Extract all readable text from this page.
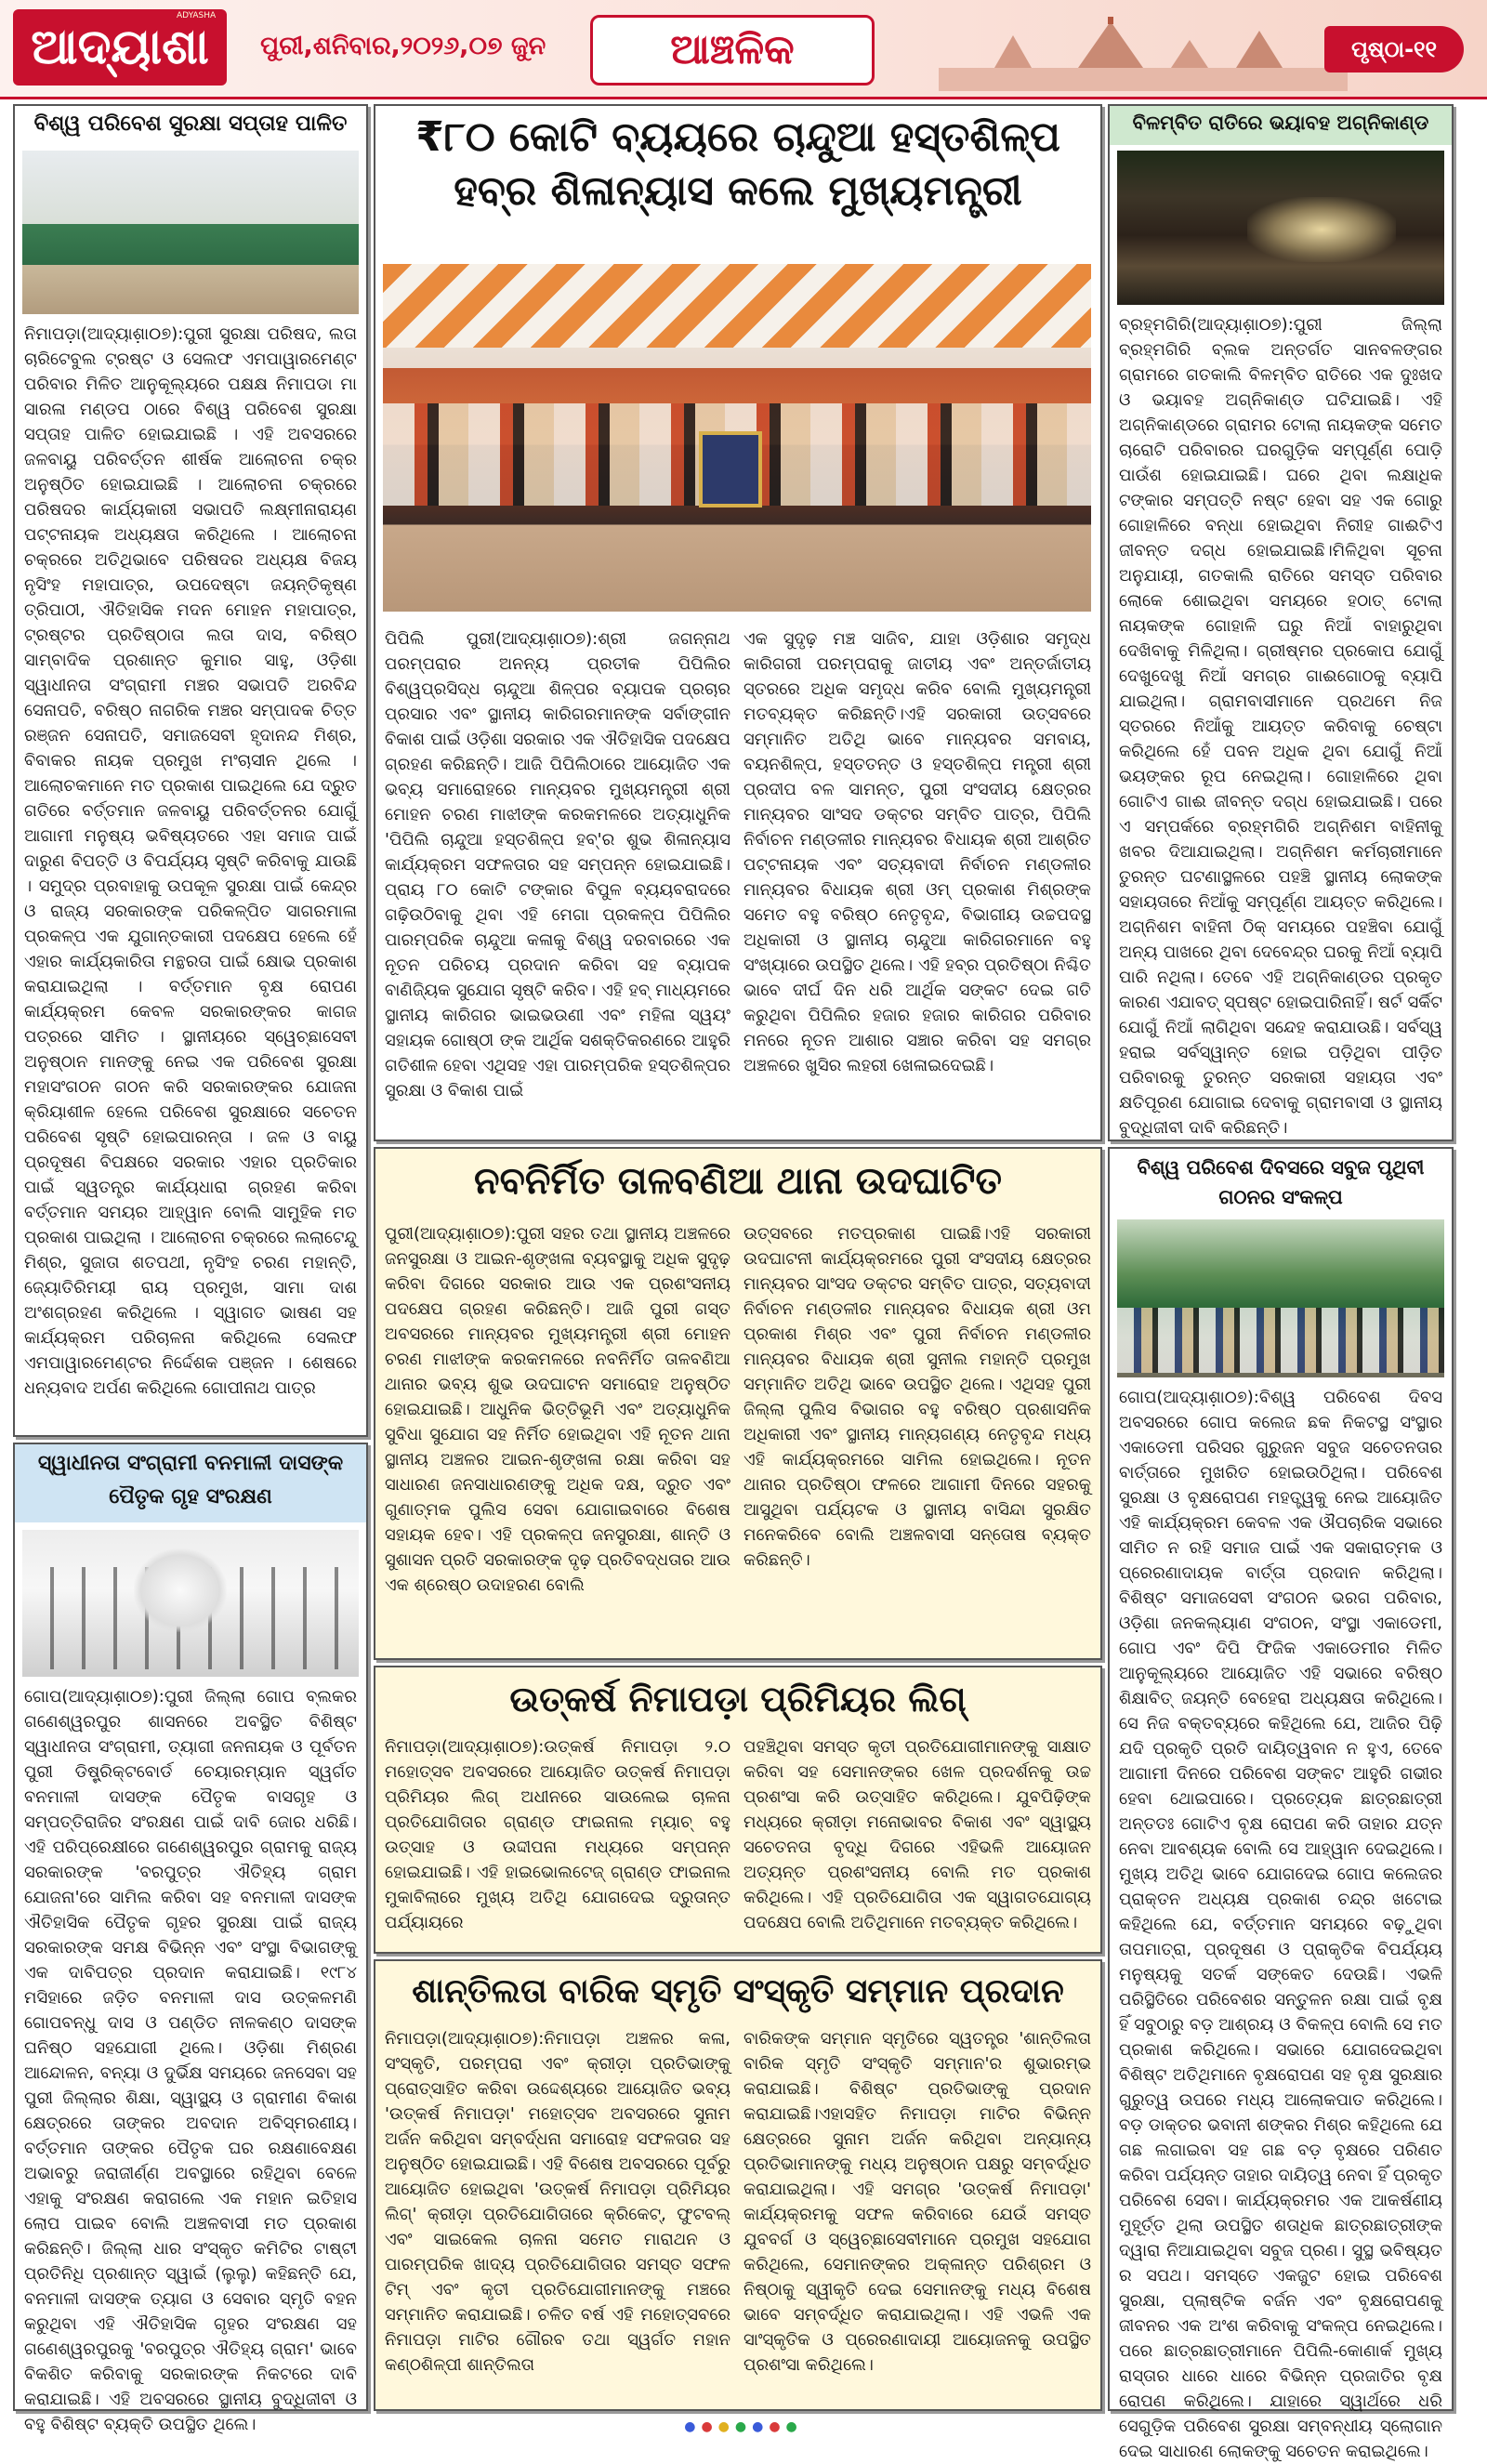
ଆଦ୍ୟାଶା
ADYASHA
ପୁରୀ,ଶନିବାର,୨୦୨୬,୦୭ ଜୁନ	ଆଞ୍ଚଳିକ	ପୃଷ୍ଠା-୧୧
ବିଶ୍ୱ ପରିବେଶ ସୁରକ୍ଷା ସପ୍ତାହ ପାଳିତ
ନିମାପଡ଼ା(ଆଦ୍ୟାଶା଼୦୭):ପୁରୀ ସୁରକ୍ଷା ପରିଷଦ, ଲତା ଚାରିଟେବୁଲ ଟ୍ରଷ୍ଟ ଓ ସେଲଫ ଏମପାୱାରମେଣ୍ଟ ପରିବାର ମିଳିତ ଆନୁକୂଲ୍ୟରେ ପକ୍ଷକ୍ଷ ନିମାପଡା ମା ସାରଳା ମଣ୍ଡପ ଠାରେ ବିଶ୍ୱ ପରିବେଶ ସୁରକ୍ଷା ସପ୍ତାହ ପାଳିତ ହୋଇଯାଇଛି । ଏହି ଅବସରରେ ଜଳବାୟୁ ପରିବର୍ତ୍ତନ ଶୀର୍ଷକ ଆଲୋଚନା ଚକ୍ର ଅନୁଷ୍ଠିତ ହୋଇଯାଇଛି । ଆଲୋଚନା ଚକ୍ରରେ ପରିଷଦର କାର୍ଯ୍ୟକାରୀ ସଭାପତି ଲକ୍ଷ୍ମୀନାରାୟଣ ପଟ୍ଟନାୟକ ଅଧ୍ୟକ୍ଷତା କରିଥିଲେ । ଆଲୋଚନା ଚକ୍ରରେ ଅତିଥିଭାବେ ପରିଷଦର ଅଧ୍ୟକ୍ଷ ବିଜୟ ନୃସିଂହ ମହାପାତ୍ର, ଉପଦେଷ୍ଟା ଜୟନ୍ତିକୃଷ୍ଣ ତ୍ରିପାଠୀ, ଐତିହାସିକ ମଦନ ମୋହନ ମହାପାତ୍ର, ଟ୍ରଷ୍ଟର ପ୍ରତିଷ୍ଠାତା ଲତା ଦାସ, ବରିଷ୍ଠ ସାମ୍ବାଦିକ ପ୍ରଶାନ୍ତ କୁମାର ସାହୁ, ଓଡ଼ିଶା ସ୍ୱାଧୀନତା ସଂଗ୍ରାମୀ ମଞ୍ଚର ସଭାପତି ଅରବିନ୍ଦ ସେନାପତି, ବରିଷ୍ଠ ନାଗରିକ ମଞ୍ଚର ସମ୍ପାଦକ ଚିତ୍ତ ରଞ୍ଜନ ସେନାପତି, ସମାଜସେବୀ ହୃଦାନନ୍ଦ ମିଶ୍ର, ବିବାକର ନାୟକ ପ୍ରମୁଖ ମଂଚାସୀନ ଥିଲେ । ଆଲୋଚକମାନେ ମତ ପ୍ରକାଶ ପାଇଥିଲେ ଯେ ଦ୍ରୁତ ଗତିରେ ବର୍ତ୍ତମାନ ଜଳବାୟୁ ପରିବର୍ତ୍ତନର ଯୋଗୁଁ ଆଗାମୀ ମନୁଷ୍ୟ ଭବିଷ୍ୟତରେ ଏହା ସମାଜ ପାଇଁ ଦାରୁଣ ବିପତ୍ତି ଓ ବିପର୍ଯ୍ୟୟ ସୃଷ୍ଟି କରିବାକୁ ଯାଉଛି । ସମୁଦ୍ର ପ୍ରବାହାକୁ ଉପକୂଳ ସୁରକ୍ଷା ପାଇଁ କେନ୍ଦ୍ର ଓ ରାଜ୍ୟ ସରକାରଙ୍କ ପରିକଳ୍ପିତ ସାଗରମାଳା ପ୍ରକଳ୍ପ ଏକ ଯୁଗାନ୍ତକାରୀ ପଦକ୍ଷେପ ହେଲେ ହେଁ ଏହାର କାର୍ଯ୍ୟକାରିତା ମନ୍ଥରତା ପାଇଁ କ୍ଷୋଭ ପ୍ରକାଶ କରାଯାଇଥିଲା । ବର୍ତ୍ତମାନ ବୃକ୍ଷ ରୋପଣ କାର୍ଯ୍ୟକ୍ରମ କେବଳ ସରକାରଙ୍କର କାଗଜ ପତ୍ରରେ ସୀମିତ । ସ୍ଥାନୀୟରେ ସ୍ୱେଚ୍ଛାସେବୀ ଅନୁଷ୍ଠାନ ମାନଙ୍କୁ ନେଇ ଏକ ପରିବେଶ ସୁରକ୍ଷା ମହାସଂଗଠନ ଗଠନ କରି ସରକାରଙ୍କର ଯୋଜନା କ୍ରିୟାଶୀଳ ହେଲେ ପରିବେଶ ସୁରକ୍ଷାରେ ସଚେତନ ପରିବେଶ ସୃଷ୍ଟି ହୋଇପାରନ୍ତା । ଜଳ ଓ ବାୟୁ ପ୍ରଦୂଷଣ ବିପକ୍ଷରେ ସରକାର ଏହାର ପ୍ରତିକାର ପାଇଁ ସ୍ୱତନ୍ତ୍ର କାର୍ଯ୍ୟଧାରା ଗ୍ରହଣ କରିବା ବର୍ତ୍ତମାନ ସମୟର ଆହ୍ୱାନ ବୋଲି ସାମୁହିକ ମତ ପ୍ରକାଶ ପାଇଥିଲା । ଆଲୋଚନା ଚକ୍ରରେ ଲଲାଟେନ୍ଦୁ ମିଶ୍ର, ସୁଜାତା ଶତପଥୀ, ନୃସିଂହ ଚରଣ ମହାନ୍ତି, ଜ୍ୟୋତିରିମୟୀ ରାୟ ପ୍ରମୁଖ, ସାମା ଦାଶ ଅଂଶଗ୍ରହଣ କରିଥିଲେ । ସ୍ୱାଗତ ଭାଷଣ ସହ କାର୍ଯ୍ୟକ୍ରମ ପରିଚାଳନା କରିଥିଲେ ସେଲଫ ଏମପାୱାରମେଣ୍ଟର ନିର୍ଦ୍ଦେଶକ ପଞ୍ଜନ । ଶେଷରେ ଧନ୍ୟବାଦ ଅର୍ପଣ କରିଥିଲେ ଗୋପୀନାଥ ପାତ୍ର
ସ୍ୱାଧୀନତା ସଂଗ୍ରାମୀ ବନମାଳୀ ଦାସଙ୍କ
ପୈତୃକ ଗୃହ ସଂରକ୍ଷଣ
ଗୋପ(ଆଦ୍ୟାଶା଼୦୭):ପୁରୀ ଜିଲ୍ଲା ଗୋପ ବ୍ଲକର ଗଣେଶ୍ୱରପୁର ଶାସନରେ ଅବସ୍ଥିତ ବିଶିଷ୍ଟ ସ୍ୱାଧୀନତା ସଂଗ୍ରାମୀ, ତ୍ୟାଗୀ ଜନନାୟକ ଓ ପୂର୍ବତନ ପୁରୀ ଡିଷ୍ଟ୍ରିକ୍ଟବୋର୍ଡ ଚେୟାରମ୍ୟାନ ସ୍ୱର୍ଗତ ବନମାଳୀ ଦାସଙ୍କ ପୈତୃକ ବାସଗୃହ ଓ ସମ୍ପତ୍ତିରାଜିର ସଂରକ୍ଷଣ ପାଇଁ ଦାବି ଜୋର ଧରିଛି। ଏହି ପରିପ୍ରେକ୍ଷୀରେ ଗଣେଶ୍ୱରପୁର ଗ୍ରାମକୁ ରାଜ୍ୟ ସରକାରଙ୍କ 'ବରପୁତ୍ର ଐତିହ୍ୟ ଗ୍ରାମ ଯୋଜନା'ରେ ସାମିଲ କରିବା ସହ ବନମାଳୀ ଦାସଙ୍କ ଐତିହାସିକ ପୈତୃକ ଗୃହର ସୁରକ୍ଷା ପାଇଁ ରାଜ୍ୟ ସରକାରଙ୍କ ସମକ୍ଷ ବିଭିନ୍ନ ଏବଂ ସଂସ୍ଥା ବିଭାଗଙ୍କୁ ଏକ ଦାବିପତ୍ର ପ୍ରଦାନ କରାଯାଇଛି। ୧୯୮୪ ମସିହାରେ ଜଡ଼ିତ ବନମାଳୀ ଦାସ ଉତ୍କଳମଣି ଗୋପବନ୍ଧୁ ଦାସ ଓ ପଣ୍ଡିତ ନୀଳକଣ୍ଠ ଦାସଙ୍କ ଘନିଷ୍ଠ ସହଯୋଗୀ ଥିଲେ। ଓଡ଼ିଶା ମିଶ୍ରଣ ଆନ୍ଦୋଳନ, ବନ୍ୟା ଓ ଦୁର୍ଭିକ୍ଷ ସମୟରେ ଜନସେବା ସହ ପୁରୀ ଜିଲ୍ଲାର ଶିକ୍ଷା, ସ୍ୱାସ୍ଥ୍ୟ ଓ ଗ୍ରାମୀଣ ବିକାଶ କ୍ଷେତ୍ରରେ ତାଙ୍କର ଅବଦାନ ଅବିସ୍ମରଣୀୟ। ବର୍ତ୍ତମାନ ତାଙ୍କର ପୈତୃକ ଘର ରକ୍ଷଣାବେକ୍ଷଣ ଅଭାବରୁ ଜରାଜୀର୍ଣ୍ଣ ଅବସ୍ଥାରେ ରହିଥିବା ବେଳେ ଏହାକୁ ସଂରକ୍ଷଣ କରାଗଲେ ଏକ ମହାନ ଇତିହାସ ଲୋପ ପାଇବ ବୋଲି ଅଞ୍ଚଳବାସୀ ମତ ପ୍ରକାଶ କରିଛନ୍ତି। ଜିଲ୍ଲା ଧାର ସଂସ୍କୃତ କମିଟିର ଟାଷ୍ଟୀ ପ୍ରତିନିଧି ପ୍ରଶାନ୍ତ ସ୍ୱାଇଁ (ଲୁଲୁ) କହିଛନ୍ତି ଯେ, ବନମାଳୀ ଦାସଙ୍କ ତ୍ୟାଗ ଓ ସେବାର ସ୍ମୃତି ବହନ କରୁଥିବା ଏହି ଐତିହାସିକ ଗୃହର ସଂରକ୍ଷଣ ସହ ଗଣେଶ୍ୱରପୁରକୁ 'ବରପୁତ୍ର ଐତିହ୍ୟ ଗ୍ରାମ' ଭାବେ ବିକଶିତ କରିବାକୁ ସରକାରଙ୍କ ନିକଟରେ ଦାବି କରାଯାଇଛି। ଏହି ଅବସରରେ ସ୍ଥାନୀୟ ବୁଦ୍ଧିଜୀବୀ ଓ ବହୁ ବିଶିଷ୍ଟ ବ୍ୟକ୍ତି ଉପସ୍ଥିତ ଥିଲେ।
₹୮୦ କୋଟି ବ୍ୟୟରେ ଚାନ୍ଦୁଆ ହସ୍ତଶିଳ୍ପ
ହବ୍‌ର ଶିଳାନ୍ୟାସ କଲେ ମୁଖ୍ୟମନ୍ତ୍ରୀ
ପିପିଲି ପୁରୀ(ଆଦ୍ୟାଶା଼୦୭):ଶ୍ରୀ ଜଗନ୍ନାଥ ପରମ୍ପରାର ଅନନ୍ୟ ପ୍ରତୀକ ପିପିଲିର ବିଶ୍ୱପ୍ରସିଦ୍ଧ ଚାନ୍ଦୁଆ ଶିଳ୍ପର ବ୍ୟାପକ ପ୍ରଚାର ପ୍ରସାର ଏବଂ ସ୍ଥାନୀୟ କାରିଗରମାନଙ୍କ ସର୍ବାଙ୍ଗୀନ ବିକାଶ ପାଇଁ ଓଡ଼ିଶା ସରକାର ଏକ ଐତିହାସିକ ପଦକ୍ଷେପ ଗ୍ରହଣ କରିଛନ୍ତି। ଆଜି ପିପିଲିଠାରେ ଆୟୋଜିତ ଏକ ଭବ୍ୟ ସମାରୋହରେ ମାନ୍ୟବର ମୁଖ୍ୟମନ୍ତ୍ରୀ ଶ୍ରୀ ମୋହନ ଚରଣ ମାଝୀଙ୍କ କରକମଳରେ ଅତ୍ୟାଧୁନିକ 'ପିପିଲି ଚାନ୍ଦୁଆ ହସ୍ତଶିଳ୍ପ ହବ୍'ର ଶୁଭ ଶିଳାନ୍ୟାସ କାର୍ଯ୍ୟକ୍ରମ ସଫଳତାର ସହ ସମ୍ପନ୍ନ ହୋଇଯାଇଛି। ପ୍ରାୟ ୮୦ କୋଟି ଟଙ୍କାର ବିପୁଳ ବ୍ୟୟବରାଦରେ ଗଢ଼ିଉଠିବାକୁ ଥିବା ଏହି ମେଗା ପ୍ରକଳ୍ପ ପିପିଲିର ପାରମ୍ପରିକ ଚାନ୍ଦୁଆ କଳାକୁ ବିଶ୍ୱ ଦରବାରରେ ଏକ ନୂତନ ପରିଚୟ ପ୍ରଦାନ କରିବା ସହ ବ୍ୟାପକ ବାଣିଜ୍ୟିକ ସୁଯୋଗ ସୃଷ୍ଟି କରିବ। ଏହି ହବ୍ ମାଧ୍ୟମରେ ସ୍ଥାନୀୟ କାରିଗର ଭାଇଭଉଣୀ ଏବଂ ମହିଳା ସ୍ୱୟଂ ସହାୟକ ଗୋଷ୍ଠୀ ଙ୍କ ଆର୍ଥିକ ସଶକ୍ତିକରଣରେ ଆହୁରି ଗତିଶୀଳ ହେବା ଏଥିସହ ଏହା ପାରମ୍ପରିକ ହସ୍ତଶିଳ୍ପର ସୁରକ୍ଷା ଓ ବିକାଶ ପାଇଁ
ଏକ ସୁଦୃଢ଼ ମଞ୍ଚ ସାଜିବ, ଯାହା ଓଡ଼ିଶାର ସମୃଦ୍ଧ କାରିଗରୀ ପରମ୍ପରାକୁ ଜାତୀୟ ଏବଂ ଅନ୍ତର୍ଜାତୀୟ ସ୍ତରରେ ଅଧିକ ସମୃଦ୍ଧ କରିବ ବୋଲି ମୁଖ୍ୟମନ୍ତ୍ରୀ ମତବ୍ୟକ୍ତ କରିଛନ୍ତି।ଏହି ସରକାରୀ ଉତ୍ସବରେ ସମ୍ମାନିତ ଅତିଥି ଭାବେ ମାନ୍ୟବର ସମବାୟ, ବୟନଶିଳ୍ପ, ହସ୍ତତନ୍ତ ଓ ହସ୍ତଶିଳ୍ପ ମନ୍ତ୍ରୀ ଶ୍ରୀ ପ୍ରଦୀପ ବଳ ସାମନ୍ତ, ପୁରୀ ସଂସଦୀୟ କ୍ଷେତ୍ରର ମାନ୍ୟବର ସାଂସଦ ଡକ୍ଟର ସମ୍ବିତ ପାତ୍ର, ପିପିଲି ନିର୍ବାଚନ ମଣ୍ଡଳୀର ମାନ୍ୟବର ବିଧାୟକ ଶ୍ରୀ ଆଶ୍ରିତ ପଟ୍ଟନାୟକ ଏବଂ ସତ୍ୟବାଦୀ ନିର୍ବାଚନ ମଣ୍ଡଳୀର ମାନ୍ୟବର ବିଧାୟକ ଶ୍ରୀ ଓମ୍ ପ୍ରକାଶ ମିଶ୍ରଙ୍କ ସମେତ ବହୁ ବରିଷ୍ଠ ନେତୃବୃନ୍ଦ, ବିଭାଗୀୟ ଉଚ୍ଚପଦସ୍ଥ ଅଧିକାରୀ ଓ ସ୍ଥାନୀୟ ଚାନ୍ଦୁଆ କାରିଗରମାନେ ବହୁ ସଂଖ୍ୟାରେ ଉପସ୍ଥିତ ଥିଲେ। ଏହି ହବ୍‌ର ପ୍ରତିଷ୍ଠା ନିଶ୍ଚିତ ଭାବେ ଦୀର୍ଘ ଦିନ ଧରି ଆର୍ଥିକ ସଙ୍କଟ ଦେଇ ଗତି କରୁଥିବା ପିପିଲିର ହଜାର ହଜାର କାରିଗର ପରିବାର ମନରେ ନୂତନ ଆଶାର ସଞ୍ଚାର କରିବା ସହ ସମଗ୍ର ଅଞ୍ଚଳରେ ଖୁସିର ଲହରୀ ଖେଳାଇଦେଇଛି।
ନବନିର୍ମିତ ତାଳବଣିଆ ଥାନା ଉଦଘାଟିତ
ପୁରୀ(ଆଦ୍ୟାଶା଼୦୭):ପୁରୀ ସହର ତଥା ସ୍ଥାନୀୟ ଅଞ୍ଚଳରେ ଜନସୁରକ୍ଷା ଓ ଆଇନ-ଶୃଙ୍ଖଳା ବ୍ୟବସ୍ଥାକୁ ଅଧିକ ସୁଦୃଢ଼ କରିବା ଦିଗରେ ସରକାର ଆଉ ଏକ ପ୍ରଶଂସନୀୟ ପଦକ୍ଷେପ ଗ୍ରହଣ କରିଛନ୍ତି। ଆଜି ପୁରୀ ଗସ୍ତ ଅବସରରେ ମାନ୍ୟବର ମୁଖ୍ୟମନ୍ତ୍ରୀ ଶ୍ରୀ ମୋହନ ଚରଣ ମାଝୀଙ୍କ କରକମଳରେ ନବନିର୍ମିତ ତାଳବଣିଆ ଥାନାର ଭବ୍ୟ ଶୁଭ ଉଦଘାଟନ ସମାରୋହ ଅନୁଷ୍ଠିତ ହୋଇଯାଇଛି। ଆଧୁନିକ ଭିତ୍ତିଭୂମି ଏବଂ ଅତ୍ୟାଧୁନିକ ସୁବିଧା ସୁଯୋଗ ସହ ନିର୍ମିତ ହୋଇଥିବା ଏହି ନୂତନ ଥାନା ସ୍ଥାନୀୟ ଅଞ୍ଚଳର ଆଇନ-ଶୃଙ୍ଖଳା ରକ୍ଷା କରିବା ସହ ସାଧାରଣ ଜନସାଧାରଣଙ୍କୁ ଅଧିକ ଦକ୍ଷ, ଦ୍ରୁତ ଏବଂ ଗୁଣାତ୍ମକ ପୁଲିସ ସେବା ଯୋଗାଇବାରେ ବିଶେଷ ସହାୟକ ହେବ। ଏହି ପ୍ରକଳ୍ପ ଜନସୁରକ୍ଷା, ଶାନ୍ତି ଓ ସୁଶାସନ ପ୍ରତି ସରକାରଙ୍କ ଦୃଢ଼ ପ୍ରତିବଦ୍ଧତାର ଆଉ ଏକ ଶ୍ରେଷ୍ଠ ଉଦାହରଣ ବୋଲି
ଉତ୍ସବରେ ମତପ୍ରକାଶ ପାଇଛି।ଏହି ସରକାରୀ ଉଦଘାଟନୀ କାର୍ଯ୍ୟକ୍ରମରେ ପୁରୀ ସଂସଦୀୟ କ୍ଷେତ୍ରର ମାନ୍ୟବର ସାଂସଦ ଡକ୍ଟର ସମ୍ବିତ ପାତ୍ର, ସତ୍ୟବାଦୀ ନିର୍ବାଚନ ମଣ୍ଡଳୀର ମାନ୍ୟବର ବିଧାୟକ ଶ୍ରୀ ଓମ ପ୍ରକାଶ ମିଶ୍ର ଏବଂ ପୁରୀ ନିର୍ବାଚନ ମଣ୍ଡଳୀର ମାନ୍ୟବର ବିଧାୟକ ଶ୍ରୀ ସୁନୀଲ ମହାନ୍ତି ପ୍ରମୁଖ ସମ୍ମାନିତ ଅତିଥି ଭାବେ ଉପସ୍ଥିତ ଥିଲେ। ଏଥିସହ ପୁରୀ ଜିଲ୍ଲା ପୁଲିସ ବିଭାଗର ବହୁ ବରିଷ୍ଠ ପ୍ରଶାସନିକ ଅଧିକାରୀ ଏବଂ ସ୍ଥାନୀୟ ମାନ୍ୟଗଣ୍ୟ ନେତୃବୃନ୍ଦ ମଧ୍ୟ ଏହି କାର୍ଯ୍ୟକ୍ରମରେ ସାମିଲ ହୋଇଥିଲେ। ନୂତନ ଥାନାର ପ୍ରତିଷ୍ଠା ଫଳରେ ଆଗାମୀ ଦିନରେ ସହରକୁ ଆସୁଥିବା ପର୍ଯ୍ୟଟକ ଓ ସ୍ଥାନୀୟ ବାସିନ୍ଦା ସୁରକ୍ଷିତ ମନେକରିବେ ବୋଲି ଅଞ୍ଚଳବାସୀ ସନ୍ତୋଷ ବ୍ୟକ୍ତ କରିଛନ୍ତି।
ଉତ୍କର୍ଷ ନିମାପଡ଼ା ପ୍ରିମିୟର ଲିଗ୍
ନିମାପଡ଼ା(ଆଦ୍ୟାଶା଼୦୭):ଉତ୍କର୍ଷ ନିମାପଡ଼ା ୨.୦ ମହୋତ୍ସବ ଅବସରରେ ଆୟୋଜିତ ଉତ୍କର୍ଷ ନିମାପଡ଼ା ପ୍ରିମିୟର ଲିଗ୍ ଅଧୀନରେ ସାଉଲେଇ ଚାଳନା ପ୍ରତିଯୋଗିତାର ଗ୍ରାଣ୍ଡ ଫାଇନାଲ ମ୍ୟାଚ୍ ବହୁ ଉତ୍ସାହ ଓ ଉଦ୍ଦୀପନା ମଧ୍ୟରେ ସମ୍ପନ୍ନ ହୋଇଯାଇଛି। ଏହି ହାଇଭୋଲଟେଜ୍ ଗ୍ରାଣ୍ଡ ଫାଇନାଲ ମୁକାବିଲାରେ ମୁଖ୍ୟ ଅତିଥି ଯୋଗଦେଇ ଦ୍ରୁତାନ୍ତ ପର୍ଯ୍ୟାୟରେ
ପହଞ୍ଚିଥିବା ସମସ୍ତ କୃତୀ ପ୍ରତିଯୋଗୀମାନଙ୍କୁ ସାକ୍ଷାତ କରିବା ସହ ସେମାନଙ୍କର ଖେଳ ପ୍ରଦର୍ଶନକୁ ଉଚ୍ଚ ପ୍ରଶଂସା କରି ଉତ୍ସାହିତ କରିଥିଲେ। ଯୁବପିଢ଼ିଙ୍କ ମଧ୍ୟରେ କ୍ରୀଡ଼ା ମନୋଭାବର ବିକାଶ ଏବଂ ସ୍ୱାସ୍ଥ୍ୟ ସଚେତନତା ବୃଦ୍ଧି ଦିଗରେ ଏହିଭଳି ଆୟୋଜନ ଅତ୍ୟନ୍ତ ପ୍ରଶଂସନୀୟ ବୋଲି ମତ ପ୍ରକାଶ କରିଥିଲେ। ଏହି ପ୍ରତିଯୋଗିତା ଏକ ସ୍ୱାଗତଯୋଗ୍ୟ ପଦକ୍ଷେପ ବୋଲି ଅତିଥିମାନେ ମତବ୍ୟକ୍ତ କରିଥିଲେ।
ଶାନ୍ତିଲତା ବାରିକ ସ୍ମୃତି ସଂସ୍କୃତି ସମ୍ମାନ ପ୍ରଦାନ
ନିମାପଡ଼ା(ଆଦ୍ୟାଶା଼୦୭):ନିମାପଡ଼ା ଅଞ୍ଚଳର କଳା, ସଂସ୍କୃତି, ପରମ୍ପରା ଏବଂ କ୍ରୀଡ଼ା ପ୍ରତିଭାଙ୍କୁ ପ୍ରୋତ୍ସାହିତ କରିବା ଉଦ୍ଦେଶ୍ୟରେ ଆୟୋଜିତ ଭବ୍ୟ 'ଉତ୍କର୍ଷ ନିମାପଡ଼ା' ମହୋତ୍ସବ ଅବସରରେ ସୁନାମ ଅର୍ଜନ କରିଥିବା ସମ୍ବର୍ଦ୍ଧନା ସମାରୋହ ସଫଳତାର ସହ ଅନୁଷ୍ଠିତ ହୋଇଯାଇଛି। ଏହି ବିଶେଷ ଅବସରରେ ପୂର୍ବରୁ ଆୟୋଜିତ ହୋଇଥିବା 'ଉତ୍କର୍ଷ ନିମାପଡ଼ା ପ୍ରିମିୟର ଲିଗ୍' କ୍ରୀଡ଼ା ପ୍ରତିଯୋଗିତାରେ କ୍ରିକେଟ୍, ଫୁଟବଲ୍ ଏବଂ ସାଇକେଲ ଚାଳନା ସମେତ ମାରାଥନ ଓ ପାରମ୍ପରିକ ଖାଦ୍ୟ ପ୍ରତିଯୋଗିତାର ସମସ୍ତ ସଫଳ ଟିମ୍ ଏବଂ କୃତୀ ପ୍ରତିଯୋଗୀମାନଙ୍କୁ ମଞ୍ଚରେ ସମ୍ମାନିତ କରାଯାଇଛି। ଚଳିତ ବର୍ଷ ଏହି ମହୋତ୍ସବରେ ନିମାପଡ଼ା ମାଟିର ଗୌରବ ତଥା ସ୍ୱର୍ଗତ ମହାନ କଣ୍ଠଶିଳ୍ପୀ ଶାନ୍ତିଲତା
ବାରିକଙ୍କ ସମ୍ମାନ ସ୍ମୃତିରେ ସ୍ୱତନ୍ତ୍ର 'ଶାନ୍ତିଲତା ବାରିକ ସ୍ମୃତି ସଂସ୍କୃତି ସମ୍ମାନ'ର ଶୁଭାରମ୍ଭ କରାଯାଇଛି। ବିଶିଷ୍ଟ ପ୍ରତିଭାଙ୍କୁ ପ୍ରଦାନ କରାଯାଇଛି।ଏହାସହିତ ନିମାପଡ଼ା ମାଟିର ବିଭିନ୍ନ କ୍ଷେତ୍ରରେ ସୁନାମ ଅର୍ଜନ କରିଥିବା ଅନ୍ୟାନ୍ୟ ପ୍ରତିଭାମାନଙ୍କୁ ମଧ୍ୟ ଅନୁଷ୍ଠାନ ପକ୍ଷରୁ ସମ୍ବର୍ଦ୍ଧିତ କରାଯାଇଥିଲା। ଏହି ସମଗ୍ର 'ଉତ୍କର୍ଷ ନିମାପଡ଼ା' କାର୍ଯ୍ୟକ୍ରମକୁ ସଫଳ କରିବାରେ ଯେଉଁ ସମସ୍ତ ଯୁବବର୍ଗ ଓ ସ୍ୱେଚ୍ଛାସେବୀମାନେ ପ୍ରମୁଖ ସହଯୋଗ କରିଥିଲେ, ସେମାନଙ୍କର ଅକ୍ଳାନ୍ତ ପରିଶ୍ରମ ଓ ନିଷ୍ଠାକୁ ସ୍ୱୀକୃତି ଦେଇ ସେମାନଙ୍କୁ ମଧ୍ୟ ବିଶେଷ ଭାବେ ସମ୍ବର୍ଦ୍ଧିତ କରାଯାଇଥିଲା। ଏହି ଏଭଳି ଏକ ସାଂସ୍କୃତିକ ଓ ପ୍ରେରଣାଦାୟୀ ଆୟୋଜନକୁ ଉପସ୍ଥିତ ପ୍ରଶଂସା କରିଥିଲେ।
ବିଳମ୍ବିତ ରାତିରେ ଭୟାବହ ଅଗ୍ନିକାଣ୍ଡ
ବ୍ରହ୍ମଗିରି(ଆଦ୍ୟାଶା଼୦୭):ପୁରୀ ଜିଲ୍ଲା ବ୍ରହ୍ମଗିରି ବ୍ଲକ ଅନ୍ତର୍ଗତ ସାନବଳଙ୍ଗର ଗ୍ରାମରେ ଗତକାଲି ବିଳମ୍ବିତ ରାତିରେ ଏକ ଦୁଃଖଦ ଓ ଭୟାବହ ଅଗ୍ନିକାଣ୍ଡ ଘଟିଯାଇଛି। ଏହି ଅଗ୍ନିକାଣ୍ଡରେ ଗ୍ରାମର ଟୋଲା ନାୟକଙ୍କ ସମେତ ଚାରୋଟି ପରିବାରର ଘରଗୁଡ଼ିକ ସମ୍ପୂର୍ଣ୍ଣ ପୋଡ଼ି ପାଉଁଶ ହୋଇଯାଇଛି। ଘରେ ଥିବା ଲକ୍ଷାଧିକ ଟଙ୍କାର ସମ୍ପତ୍ତି ନଷ୍ଟ ହେବା ସହ ଏକ ଗୋରୁ ଗୋହାଳିରେ ବନ୍ଧା ହୋଇଥିବା ନିରୀହ ଗାଈଟିଏ ଜୀବନ୍ତ ଦଗ୍ଧ ହୋଇଯାଇଛି।ମିଳିଥିବା ସୂଚନା ଅନୁଯାୟୀ, ଗତକାଲି ରାତିରେ ସମସ୍ତ ପରିବାର ଲୋକେ ଶୋଇଥିବା ସମୟରେ ହଠାତ୍ ଟୋଲା ନାୟକଙ୍କ ଗୋହାଳି ଘରୁ ନିଆଁ ବାହାରୁଥିବା ଦେଖିବାକୁ ମିଳିଥିଲା। ଗ୍ରୀଷ୍ମର ପ୍ରକୋପ ଯୋଗୁଁ ଦେଖୁଦେଖୁ ନିଆଁ ସମଗ୍ର ଗାଈଗୋଠକୁ ବ୍ୟାପି ଯାଇଥିଲା। ଗ୍ରାମବାସୀମାନେ ପ୍ରଥମେ ନିଜ ସ୍ତରରେ ନିଆଁକୁ ଆୟତ୍ତ କରିବାକୁ ଚେଷ୍ଟା କରିଥିଲେ ହେଁ ପବନ ଅଧିକ ଥିବା ଯୋଗୁଁ ନିଆଁ ଭୟଙ୍କର ରୂପ ନେଇଥିଲା। ଗୋହାଳିରେ ଥିବା ଗୋଟିଏ ଗାଈ ଜୀବନ୍ତ ଦଗ୍ଧ ହୋଇଯାଇଛି। ପରେ ଏ ସମ୍ପର୍କରେ ବ୍ରହ୍ମଗିରି ଅଗ୍ନିଶମ ବାହିନୀକୁ ଖବର ଦିଆଯାଇଥିଲା। ଅଗ୍ନିଶମ କର୍ମଚାରୀମାନେ ତୁରନ୍ତ ଘଟଣାସ୍ଥଳରେ ପହଞ୍ଚି ସ୍ଥାନୀୟ ଲୋକଙ୍କ ସହାୟତାରେ ନିଆଁକୁ ସମ୍ପୂର୍ଣ୍ଣ ଆୟତ୍ତ କରିଥିଲେ। ଅଗ୍ନିଶମ ବାହିନୀ ଠିକ୍ ସମୟରେ ପହଞ୍ଚିବା ଯୋଗୁଁ ଅନ୍ୟ ପାଖରେ ଥିବା ଦେବେନ୍ଦ୍ର ଘରକୁ ନିଆଁ ବ୍ୟାପି ପାରି ନଥିଲା। ତେବେ ଏହି ଅଗ୍ନିକାଣ୍ଡର ପ୍ରକୃତ କାରଣ ଏଯାବତ୍ ସ୍ପଷ୍ଟ ହୋଇପାରିନାହିଁ। ଷର୍ଟ ସର୍କିଟ ଯୋଗୁଁ ନିଆଁ ଲାଗିଥିବା ସନ୍ଦେହ କରାଯାଉଛି। ସର୍ବସ୍ୱ ହରାଇ ସର୍ବସ୍ୱାନ୍ତ ହୋଇ ପଡ଼ିଥିବା ପୀଡ଼ିତ ପରିବାରକୁ ତୁରନ୍ତ ସରକାରୀ ସହାୟତା ଏବଂ କ୍ଷତିପୂରଣ ଯୋଗାଇ ଦେବାକୁ ଗ୍ରାମବାସୀ ଓ ସ୍ଥାନୀୟ ବୁଦ୍ଧିଜୀବୀ ଦାବି କରିଛନ୍ତି।
ବିଶ୍ୱ ପରିବେଶ ଦିବସରେ ସବୁଜ ପୃଥିବୀ
ଗଠନର ସଂକଳ୍ପ
ଗୋପ(ଆଦ୍ୟାଶା଼୦୭):ବିଶ୍ୱ ପରିବେଶ ଦିବସ ଅବସରରେ ଗୋପ କଲେଜ ଛକ ନିକଟସ୍ଥ ସଂସ୍ଥାର ଏକାଡେମୀ ପରିସର ଗୁରୁଜନ ସବୁଜ ସଚେତନତାର ବାର୍ତ୍ତାରେ ମୁଖରିତ ହୋଇଉଠିଥିଲା। ପରିବେଶ ସୁରକ୍ଷା ଓ ବୃକ୍ଷରୋପଣ ମହତ୍ତ୍ୱକୁ ନେଇ ଆୟୋଜିତ ଏହି କାର୍ଯ୍ୟକ୍ରମ କେବଳ ଏକ ଔପଚାରିକ ସଭାରେ ସୀମିତ ନ ରହି ସମାଜ ପାଇଁ ଏକ ସକାରାତ୍ମକ ଓ ପ୍ରେରଣାଦାୟକ ବାର୍ତ୍ତା ପ୍ରଦାନ କରିଥିଲା। ବିଶିଷ୍ଟ ସମାଜସେବୀ ସଂଗଠନ ଭରଗ ପରିବାର, ଓଡ଼ିଶା ଜନକଲ୍ୟାଣ ସଂଗଠନ, ସଂସ୍ଥା ଏକାଡେମୀ, ଗୋପ ଏବଂ ଦିପି ଫିଜିକ ଏକାଡେମୀର ମିଳିତ ଆନୁକୂଲ୍ୟରେ ଆୟୋଜିତ ଏହି ସଭାରେ ବରିଷ୍ଠ ଶିକ୍ଷାବିତ୍ ଜୟନ୍ତି ବେହେରା ଅଧ୍ୟକ୍ଷତା କରିଥିଲେ। ସେ ନିଜ ବକ୍ତବ୍ୟରେ କହିଥିଲେ ଯେ, ଆଜିର ପିଢ଼ି ଯଦି ପ୍ରକୃତି ପ୍ରତି ଦାୟିତ୍ୱବାନ ନ ହୁଏ, ତେବେ ଆଗାମୀ ଦିନରେ ପରିବେଶ ସଙ୍କଟ ଆହୁରି ଗଭୀର ହେବା ଥୋଇପାରେ। ପ୍ରତ୍ୟେକ ଛାତ୍ରଛାତ୍ରୀ ଅନ୍ତତଃ ଗୋଟିଏ ବୃକ୍ଷ ରୋପଣ କରି ତାହାର ଯତ୍ନ ନେବା ଆବଶ୍ୟକ ବୋଲି ସେ ଆହ୍ୱାନ ଦେଇଥିଲେ। ମୁଖ୍ୟ ଅତିଥି ଭାବେ ଯୋଗଦେଇ ଗୋପ କଲେଜର ପ୍ରାକ୍ତନ ଅଧ୍ୟକ୍ଷ ପ୍ରକାଶ ଚନ୍ଦ୍ର ଖଟୋଇ କହିଥିଲେ ଯେ, ବର୍ତ୍ତମାନ ସମୟରେ ବଢ଼ୁଥିବା ତାପମାତ୍ରା, ପ୍ରଦୂଷଣ ଓ ପ୍ରାକୃତିକ ବିପର୍ଯ୍ୟୟ ମନୁଷ୍ୟକୁ ସତର୍କ ସଙ୍କେତ ଦେଉଛି। ଏଭଳି ପରିସ୍ଥିତିରେ ପରିବେଶର ସନ୍ତୁଳନ ରକ୍ଷା ପାଇଁ ବୃକ୍ଷ ହିଁ ସବୁଠାରୁ ବଡ଼ ଆଶ୍ରୟ ଓ ବିକଳ୍ପ ବୋଲି ସେ ମତ ପ୍ରକାଶ କରିଥିଲେ। ସଭାରେ ଯୋଗଦେଇଥିବା ବିଶିଷ୍ଟ ଅତିଥିମାନେ ବୃକ୍ଷରୋପଣ ସହ ବୃକ୍ଷ ସୁରକ୍ଷାର ଗୁରୁତ୍ୱ ଉପରେ ମଧ୍ୟ ଆଲୋକପାତ କରିଥିଲେ। ବଡ଼ ଡାକ୍ତର ଭବାନୀ ଶଙ୍କର ମିଶ୍ର କହିଥିଲେ ଯେ ଗଛ ଲଗାଇବା ସହ ଗଛ ବଡ଼ ବୃକ୍ଷରେ ପରିଣତ କରିବା ପର୍ଯ୍ୟନ୍ତ ତାହାର ଦାୟିତ୍ୱ ନେବା ହିଁ ପ୍ରକୃତ ପରିବେଶ ସେବା। କାର୍ଯ୍ୟକ୍ରମର ଏକ ଆକର୍ଷଣୀୟ ମୁହୂର୍ତ୍ତ ଥିଲା ଉପସ୍ଥିତ ଶତାଧିକ ଛାତ୍ରଛାତ୍ରୀଙ୍କ ଦ୍ୱାରା ନିଆଯାଇଥିବା ସବୁଜ ପ୍ରଣ। ସୁସ୍ଥ ଭବିଷ୍ୟତ ର ସପଥ। ସମସ୍ତେ ଏକଜୁଟ ହୋଇ ପରିବେଶ ସୁରକ୍ଷା, ପ୍ଲାଷ୍ଟିକ ବର୍ଜନ ଏବଂ ବୃକ୍ଷରୋପଣକୁ ଜୀବନର ଏକ ଅଂଶ କରିବାକୁ ସଂକଳ୍ପ ନେଇଥିଲେ। ପରେ ଛାତ୍ରଛାତ୍ରୀମାନେ ପିପିଲି-କୋଣାର୍କ ମୁଖ୍ୟ ରାସ୍ତାର ଧାରେ ଧାରେ ବିଭିନ୍ନ ପ୍ରଜାତିର ବୃକ୍ଷ ରୋପଣ କରିଥିଲେ। ଯାହାରେ ସ୍ୱାର୍ଥରେ ଧରି ସେଗୁଡ଼ିକ ପରିବେଶ ସୁରକ୍ଷା ସମ୍ବନ୍ଧୀୟ ସ୍ଲୋଗାନ ଦେଇ ସାଧାରଣ ଲୋକଙ୍କୁ ସଚେତନ କରାଇଥିଲେ।
●●●●●●●
